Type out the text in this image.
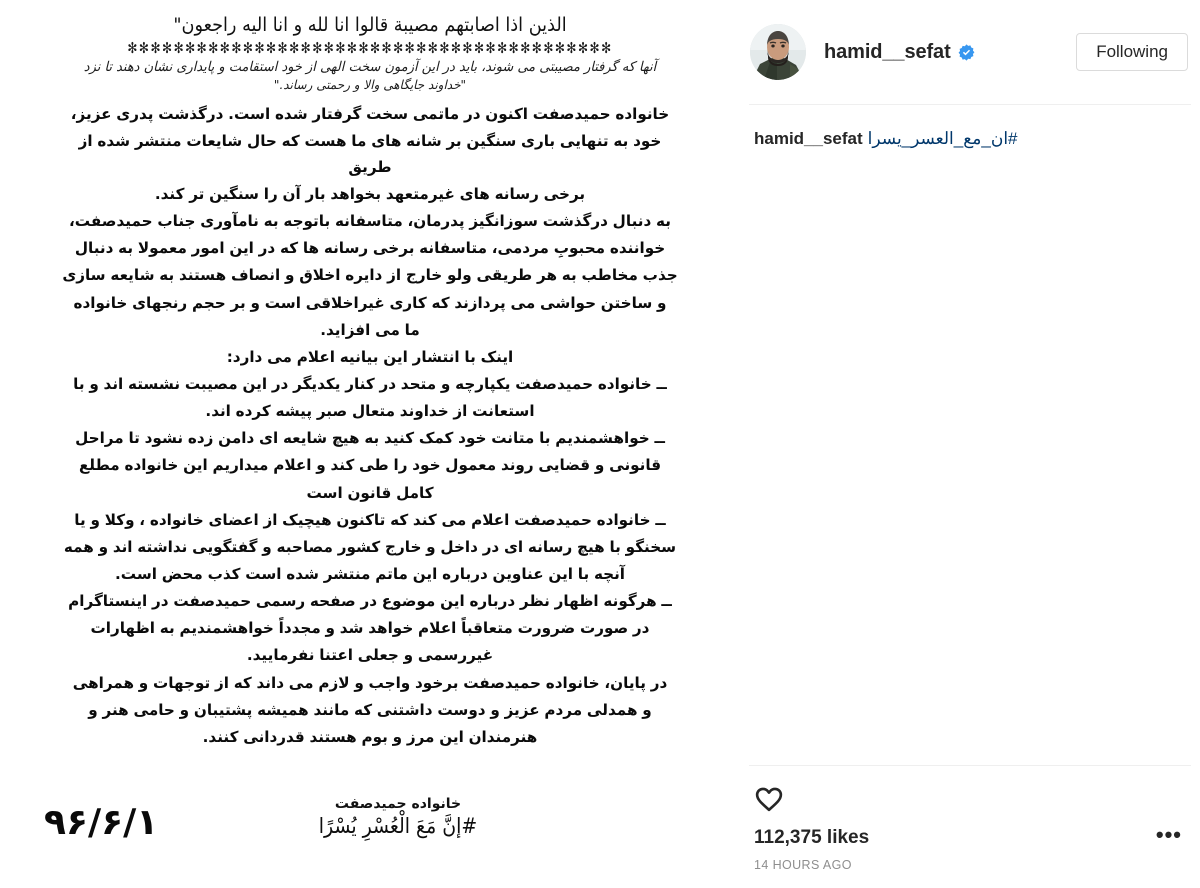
الذین اذا اصابتهم مصیبة قالوا انا لله و انا الیه راجعون"
✻✻✻✻✻✻✻✻✻✻✻✻✻✻✻✻✻✻✻✻✻✻✻✻✻✻✻✻✻✻✻✻✻✻✻✻✻✻✻✻✻✻
آنها که گرفتار مصیبتی می شوند، باید در این آزمون سخت الهی از خود استقامت و پایداری نشان دهند تا نزد
"خداوند جایگاهی والا و رحمتی رساند."

خانواده حمیدصفت اکنون در ماتمی سخت گرفتار شده است. درگذشت پدری عزیز،

خود به تنهایی باری سنگین بر شانه های ما هست که حال شایعات منتشر شده از طریق

برخی رسانه های غیرمتعهد بخواهد بار آن را سنگین تر کند.

به دنبال درگذشت سوزانگیز پدرمان، متاسفانه باتوجه به نامآوری جناب حمیدصفت،

خواننده محبوبِ مردمی، متاسفانه برخی رسانه ها که در این امور معمولا به دنبال

جذب مخاطب به هر طریقی ولو خارج از دایره اخلاق و انصاف هستند به شایعه سازی

و ساختن حواشی می پردازند که کاری غیراخلاقی است و بر حجم رنجهای خانواده

ما می افزاید.

اینک با انتشار این بیانیه اعلام می دارد:

ــ خانواده حمیدصفت یکپارچه و متحد در کنار یکدیگر در این مصیبت نشسته اند و با

استعانت از خداوند متعال صبر پیشه کرده اند.

ــ خواهشمندیم با متانت خود کمک کنید به هیچ شایعه ای دامن زده نشود تا مراحل

قانونی و قضایی روند معمول خود را طی کند و اعلام میداریم این خانواده مطلع

کامل قانون است

ــ خانواده حمیدصفت اعلام می کند که تاکنون هیچیک از اعضای خانواده ، وکلا و یا

سخنگو با هیچ رسانه ای در داخل و خارج کشور مصاحبه و گفتگویی نداشته اند و همه

آنچه با این عناوین درباره این ماتم منتشر شده است کذب محض است.

ــ هرگونه اظهار نظر درباره این موضوع در صفحه رسمی حمیدصفت در اینستاگرام

در صورت ضرورت متعاقباً اعلام خواهد شد و مجدداً خواهشمندیم به اظهارات

غیررسمی و جعلی اعتنا نفرمایید.

در پایان، خانواده حمیدصفت برخود واجب و لازم می داند که از توجهات و همراهی

و همدلی مردم عزیز و دوست داشتنی که مانند همیشه پشتیبان و حامی هنر و

هنرمندان این مرز و بوم هستند قدردانی کنند.

خانواده حمیدصفت
#إنَّ مَعَ الْعُسْرِ يُسْرًا
۹۶/۶/۱
hamid__sefat	Following
hamid__sefat #ان_مع_العسر_یسرا
112,375 likes	•••
14 HOURS AGO
